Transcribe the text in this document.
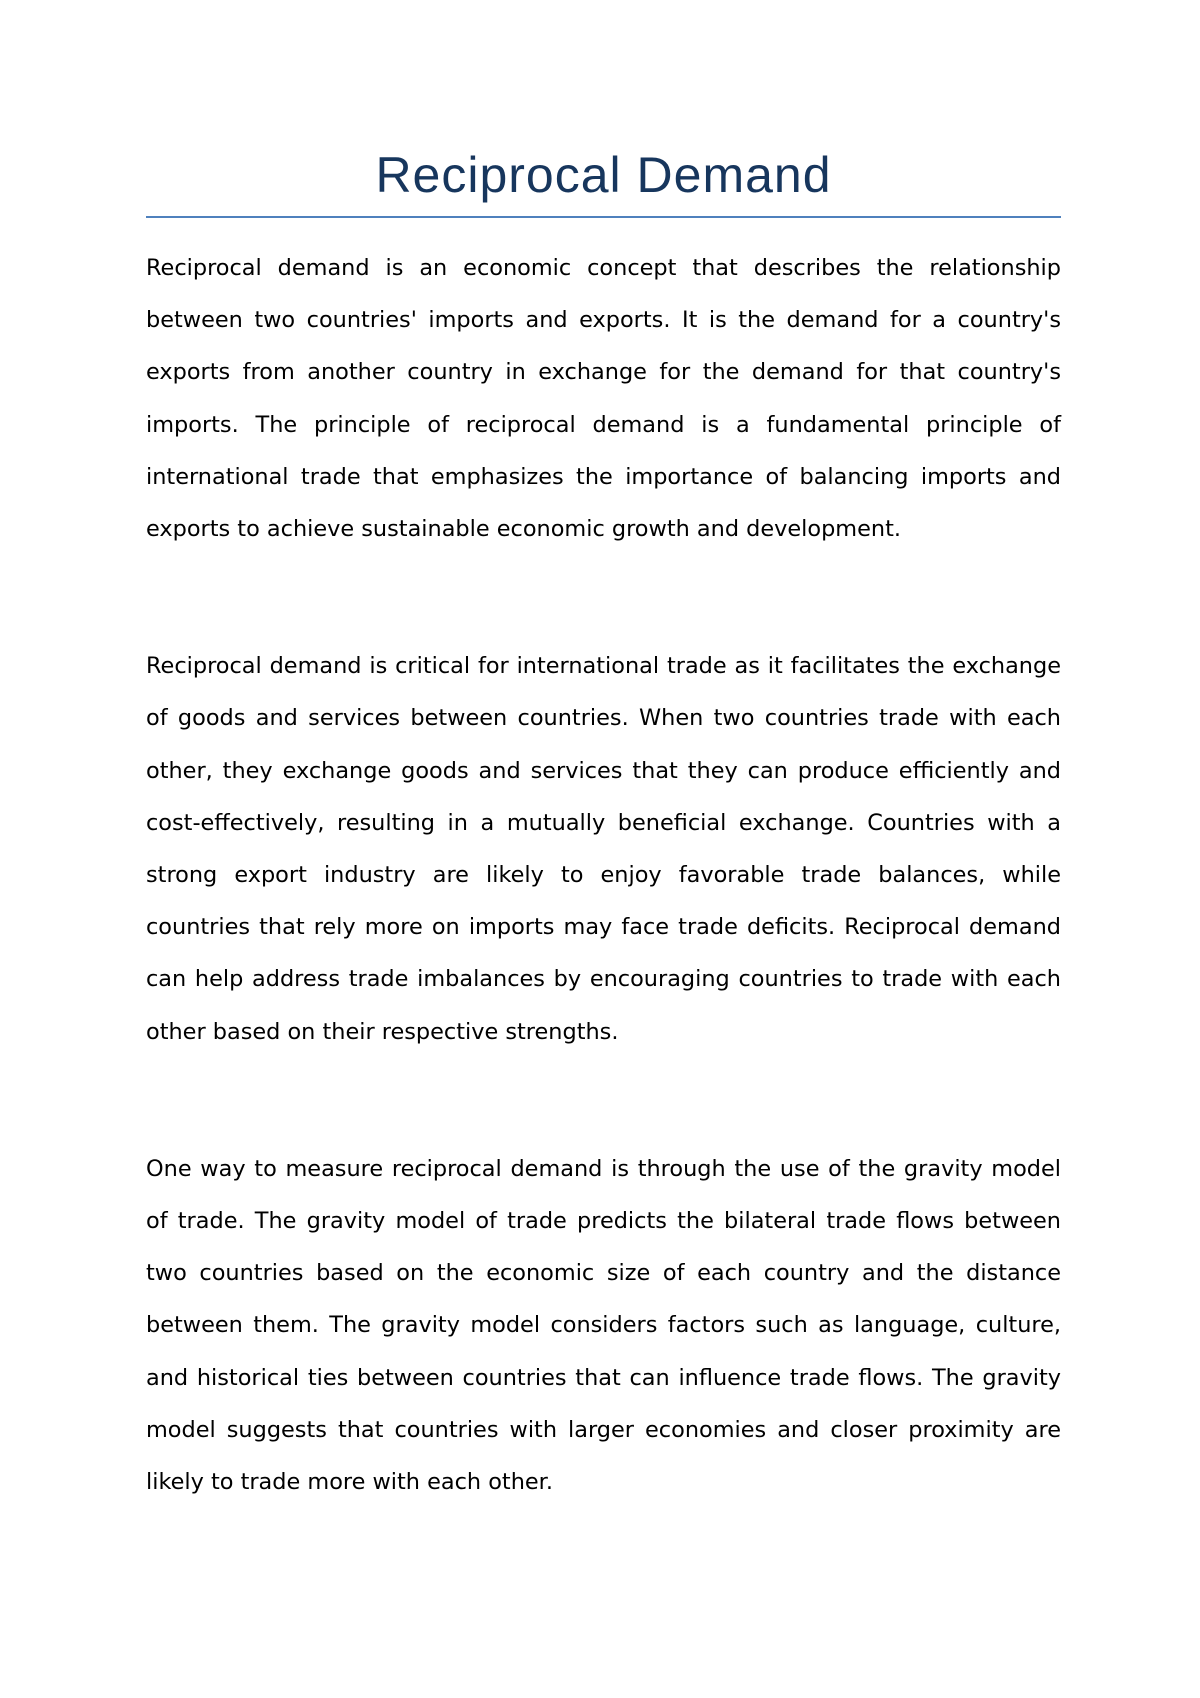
Reciprocal Demand

Reciprocal demand is an economic concept that describes the relationship between two countries' imports and exports. It is the demand for a country's exports from another country in exchange for the demand for that country's imports. The principle of reciprocal demand is a fundamental principle of international trade that emphasizes the importance of balancing imports and exports to achieve sustainable economic growth and development.

Reciprocal demand is critical for international trade as it facilitates the exchange of goods and services between countries. When two countries trade with each other, they exchange goods and services that they can produce efficiently and cost-effectively, resulting in a mutually beneficial exchange. Countries with a strong export industry are likely to enjoy favorable trade balances, while countries that rely more on imports may face trade deficits. Reciprocal demand can help address trade imbalances by encouraging countries to trade with each other based on their respective strengths.

One way to measure reciprocal demand is through the use of the gravity model of trade. The gravity model of trade predicts the bilateral trade flows between two countries based on the economic size of each country and the distance between them. The gravity model considers factors such as language, culture, and historical ties between countries that can influence trade flows. The gravity model suggests that countries with larger economies and closer proximity are likely to trade more with each other.
